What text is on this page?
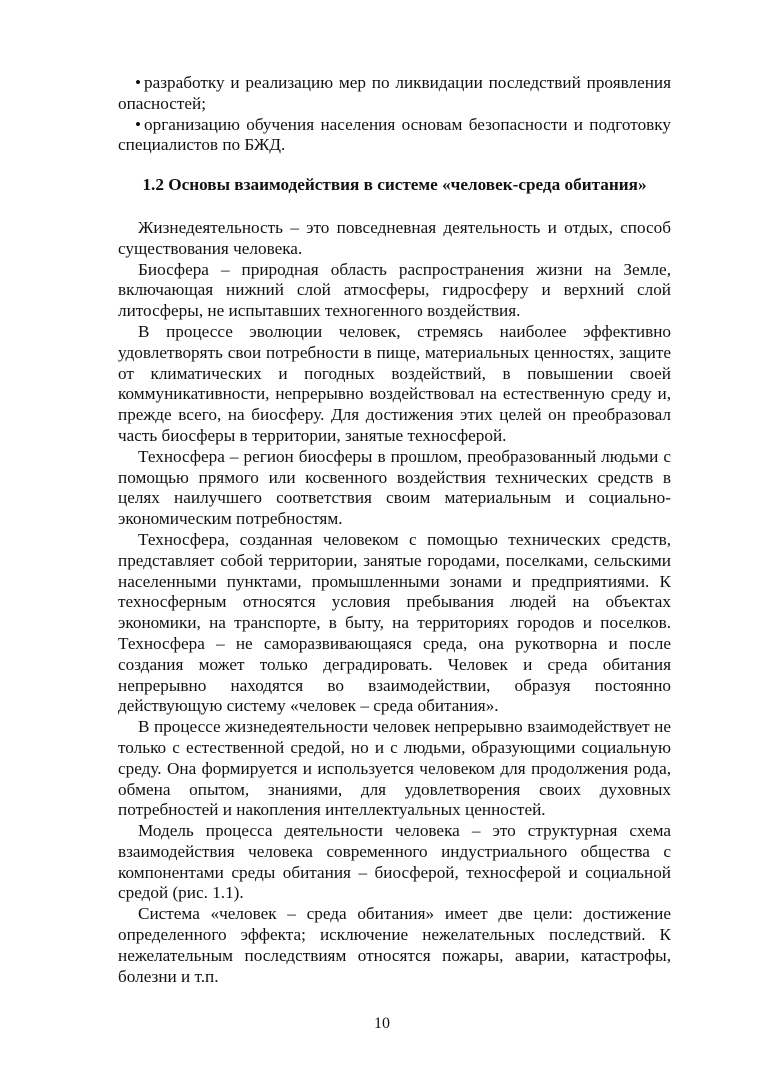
• разработку и реализацию мер по ликвидации последствий проявления опасностей;

• организацию обучения населения основам безопасности и подготовку специалистов по БЖД.

1.2 Основы взаимодействия в системе «человек-среда обитания»

Жизнедеятельность – это повседневная деятельность и отдых, способ существования человека.

Биосфера – природная область распространения жизни на Земле, включающая нижний слой атмосферы, гидросферу и верхний слой литосферы, не испытавших техногенного воздействия.

В процессе эволюции человек, стремясь наиболее эффективно удовлетворять свои потребности в пище, материальных ценностях, защите от климатических и погодных воздействий, в повышении своей коммуникативности, непрерывно воздействовал на естественную среду и, прежде всего, на биосферу. Для достижения этих целей он преобразовал часть биосферы в территории, занятые техносферой.

Техносфера – регион биосферы в прошлом, преобразованный людьми с помощью прямого или косвенного воздействия технических средств в целях наилучшего соответствия своим материальным и социально-экономическим потребностям.

Техносфера, созданная человеком с помощью технических средств, представляет собой территории, занятые городами, поселками, сельскими населенными пунктами, промышленными зонами и предприятиями. К техносферным относятся условия пребывания людей на объектах экономики, на транспорте, в быту, на территориях городов и поселков. Техносфера – не саморазвивающаяся среда, она рукотворна и после создания может только деградировать. Человек и среда обитания непрерывно находятся во взаимодействии, образуя постоянно действующую систему «человек – среда обитания».

В процессе жизнедеятельности человек непрерывно взаимодействует не только с естественной средой, но и с людьми, образующими социальную среду. Она формируется и используется человеком для продолжения рода, обмена опытом, знаниями, для удовлетворения своих духовных потребностей и накопления интеллектуальных ценностей.

Модель процесса деятельности человека – это структурная схема взаимодействия человека современного индустриального общества с компонентами среды обитания – биосферой, техносферой и социальной средой (рис. 1.1).

Система «человек – среда обитания» имеет две цели: достижение определенного эффекта; исключение нежелательных последствий. К нежелательным последствиям относятся пожары, аварии, катастрофы, болезни и т.п.

10
